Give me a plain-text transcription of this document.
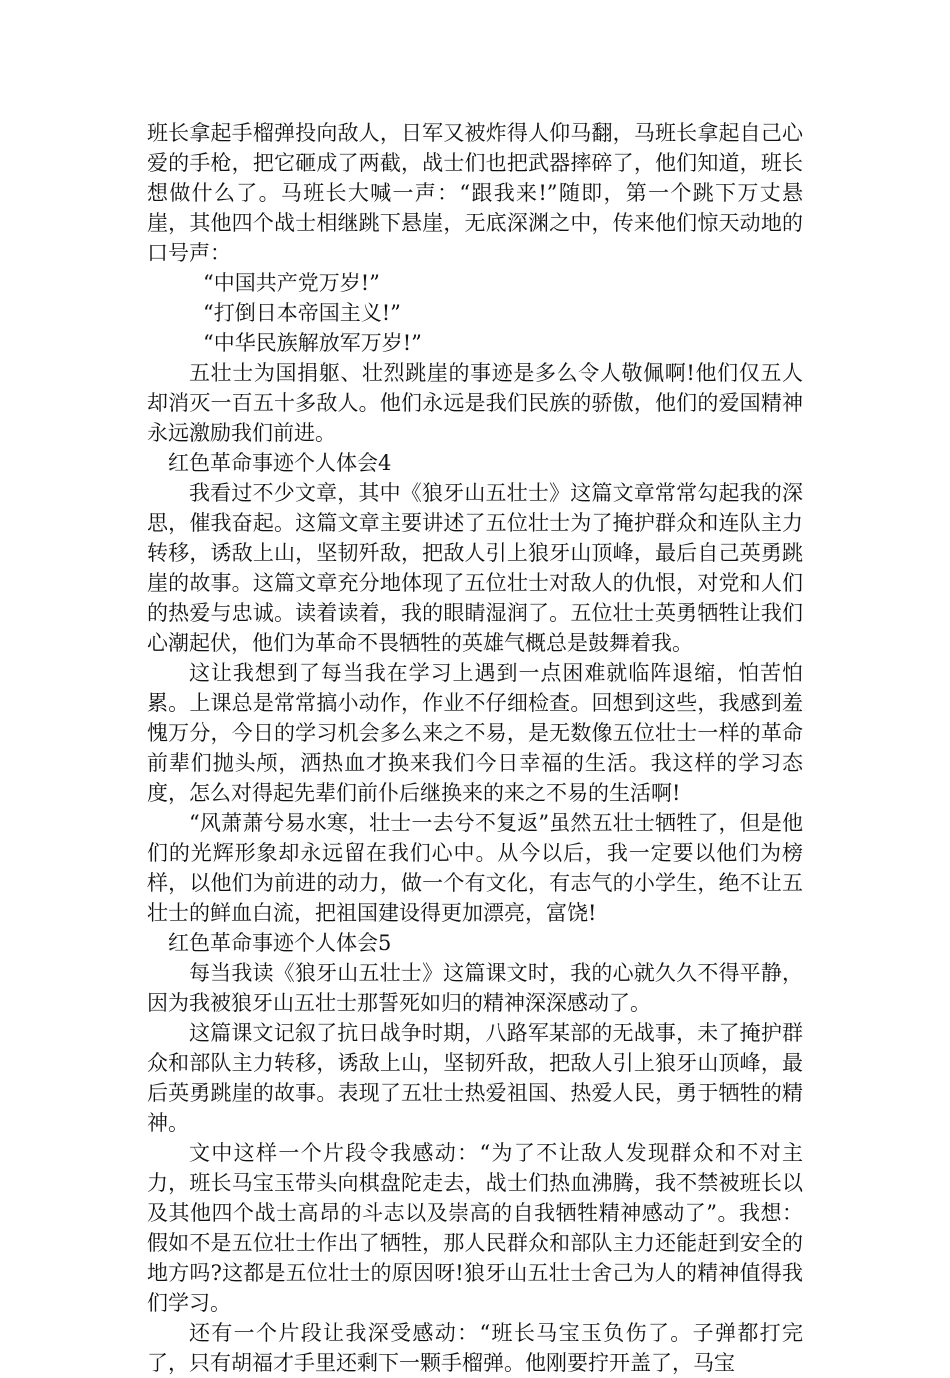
班长拿起手榴弹投向敌人，日军又被炸得人仰马翻，马班长拿起自己心爱的手枪，把它砸成了两截，战士们也把武器摔碎了，他们知道，班长想做什么了。马班长大喊一声：“跟我来!”随即，第一个跳下万丈悬崖，其他四个战士相继跳下悬崖，无底深渊之中，传来他们惊天动地的口号声：

“中国共产党万岁!”

“打倒日本帝国主义!”

“中华民族解放军万岁!”

五壮士为国捐躯、壮烈跳崖的事迹是多么令人敬佩啊!他们仅五人却消灭一百五十多敌人。他们永远是我们民族的骄傲，他们的爱国精神永远激励我们前进。

红色革命事迹个人体会4

我看过不少文章，其中《狼牙山五壮士》这篇文章常常勾起我的深思，催我奋起。这篇文章主要讲述了五位壮士为了掩护群众和连队主力转移，诱敌上山，坚韧歼敌，把敌人引上狼牙山顶峰，最后自己英勇跳崖的故事。这篇文章充分地体现了五位壮士对敌人的仇恨，对党和人们的热爱与忠诚。读着读着，我的眼睛湿润了。五位壮士英勇牺牲让我们心潮起伏，他们为革命不畏牺牲的英雄气概总是鼓舞着我。

这让我想到了每当我在学习上遇到一点困难就临阵退缩，怕苦怕累。上课总是常常搞小动作，作业不仔细检查。回想到这些，我感到羞愧万分，今日的学习机会多么来之不易，是无数像五位壮士一样的革命前辈们抛头颅，洒热血才换来我们今日幸福的生活。我这样的学习态度，怎么对得起先辈们前仆后继换来的来之不易的生活啊!

“风萧萧兮易水寒，壮士一去兮不复返”虽然五壮士牺牲了，但是他们的光辉形象却永远留在我们心中。从今以后，我一定要以他们为榜样，以他们为前进的动力，做一个有文化，有志气的小学生，绝不让五壮士的鲜血白流，把祖国建设得更加漂亮，富饶!

红色革命事迹个人体会5

每当我读《狼牙山五壮士》这篇课文时，我的心就久久不得平静，因为我被狼牙山五壮士那誓死如归的精神深深感动了。

这篇课文记叙了抗日战争时期，八路军某部的无战事，未了掩护群众和部队主力转移，诱敌上山，坚韧歼敌，把敌人引上狼牙山顶峰，最后英勇跳崖的故事。表现了五壮士热爱祖国、热爱人民，勇于牺牲的精神。

文中这样一个片段令我感动：“为了不让敌人发现群众和不对主力，班长马宝玉带头向棋盘陀走去，战士们热血沸腾，我不禁被班长以及其他四个战士高昂的斗志以及崇高的自我牺牲精神感动了”。我想：假如不是五位壮士作出了牺牲，那人民群众和部队主力还能赶到安全的地方吗?这都是五位壮士的原因呀!狼牙山五壮士舍己为人的精神值得我们学习。

还有一个片段让我深受感动：“班长马宝玉负伤了。子弹都打完了，只有胡福才手里还剩下一颗手榴弹。他刚要拧开盖了，马宝
